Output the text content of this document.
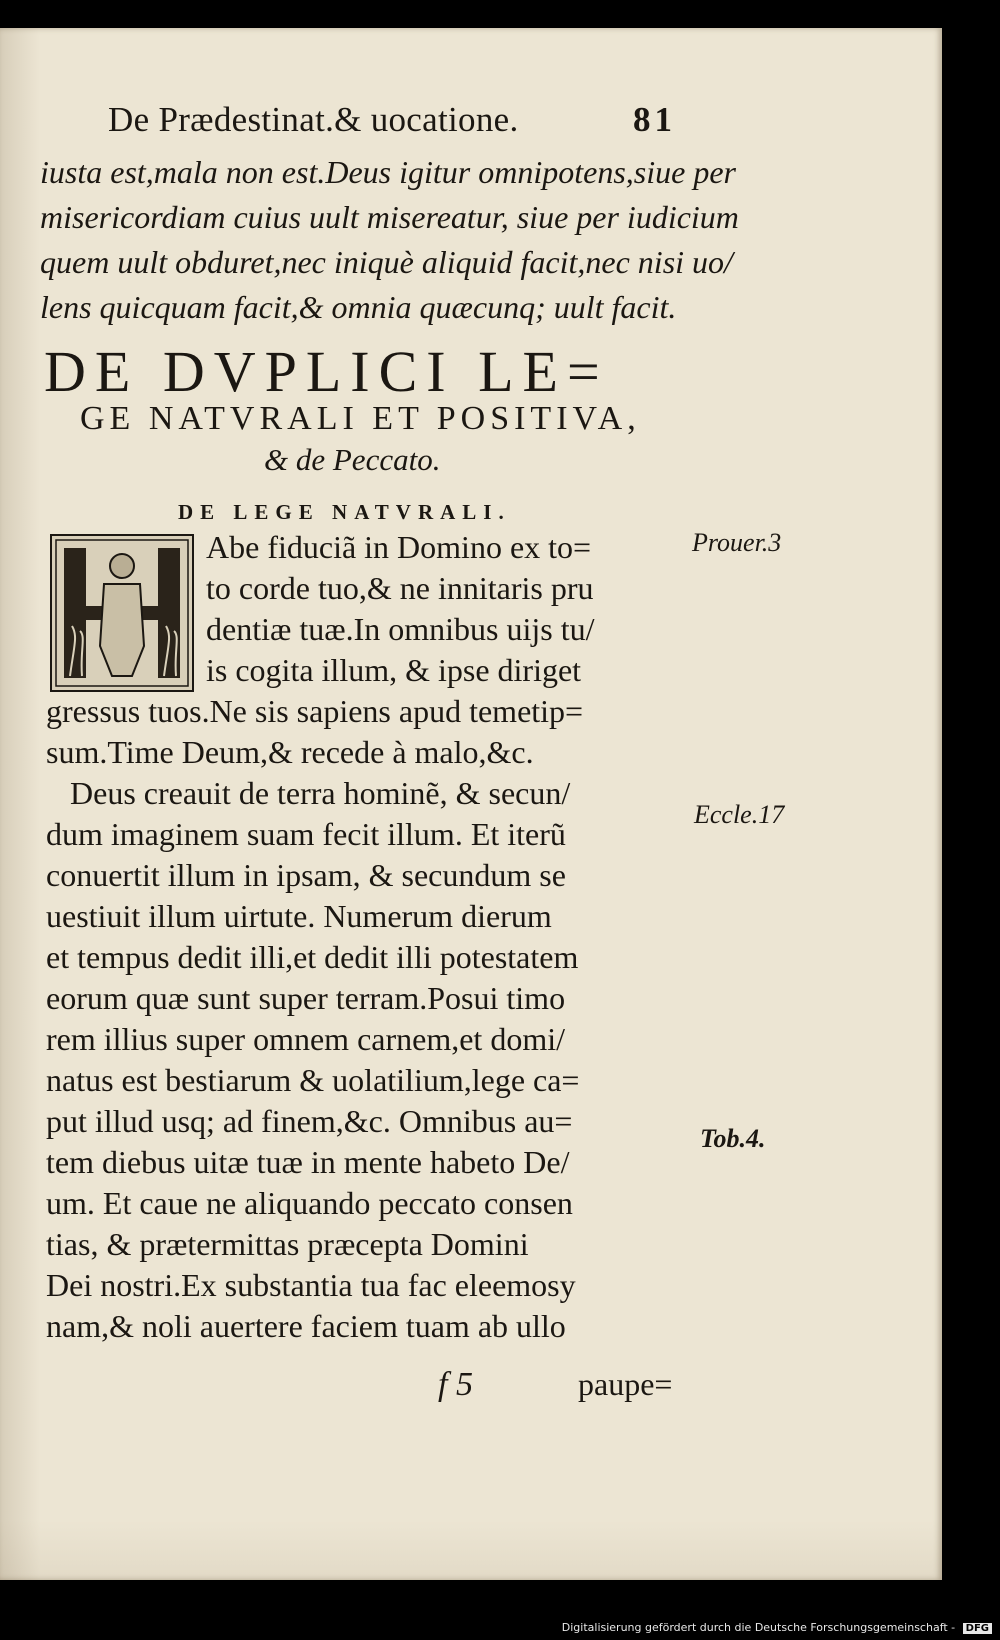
De Prædestinat.& uocatione.	81
iusta est,mala non est.Deus igitur omnipotens,siue per
misericordiam cuius uult misereatur, siue per iudicium
quem uult obduret,nec iniquè aliquid facit,nec nisi uo/
lens quicquam facit,& omnia quæcunq; uult facit.
DE DVPLICI LE=
GE NATVRALI ET POSITIVA,
& de Peccato.
DE LEGE NATVRALI.
Abe fiduciã in Domino ex to=
to corde tuo,& ne innitaris pru
dentiæ tuæ.In omnibus uijs tu/
is cogita illum, & ipse diriget
gressus tuos.Ne sis sapiens apud temetip=
sum.Time Deum,& recede à malo,&c.
Deus creauit de terra hominẽ, & secun/
dum imaginem suam fecit illum. Et iterũ
conuertit illum in ipsam, & secundum se
uestiuit illum uirtute. Numerum dierum
et tempus dedit illi,et dedit illi potestatem
eorum quæ sunt super terram.Posui timo
rem illius super omnem carnem,et domi/
natus est bestiarum & uolatilium,lege ca=
put illud usq; ad finem,&c. Omnibus au=
tem diebus uitæ tuæ in mente habeto De/
um. Et caue ne aliquando peccato consen
tias, & prætermittas præcepta Domini
Dei nostri.Ex substantia tua fac eleemosy
nam,& noli auertere faciem tuam ab ullo
Prouer.3
Eccle.17
Tob.4.
f 5	paupe=
Digitalisierung gefördert durch die Deutsche Forschungsgemeinschaft - DFG
